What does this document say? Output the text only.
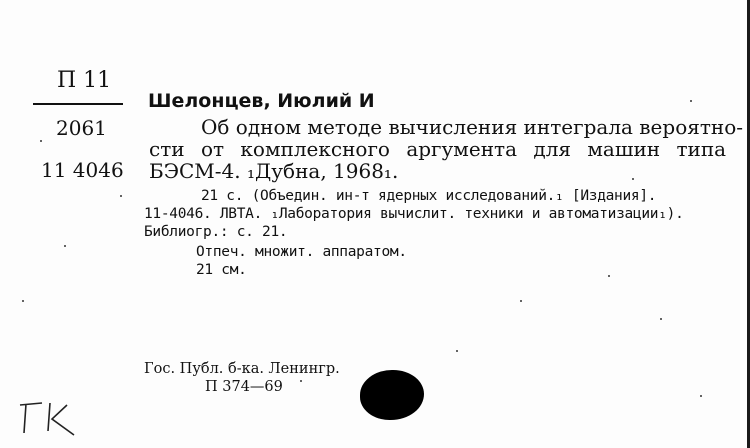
П 11
2061
11 4046
Шелонцев, Июлий И
Об одном методе вычисления интеграла вероятно-
сти от комплексного аргумента для машин типа
БЭСМ-4. ₁Дубна, 1968₁.
21 с. (Объедин. ин-т ядерных исследований.₁ [Издания].
11-4046. ЛВТА. ₁Лаборатория вычислит. техники и автоматизации₁).
Библиогр.: с. 21.
Отпеч. множит. аппаратом.
21 см.
Гос. Публ. б-ка. Ленингр.
П 374—69
